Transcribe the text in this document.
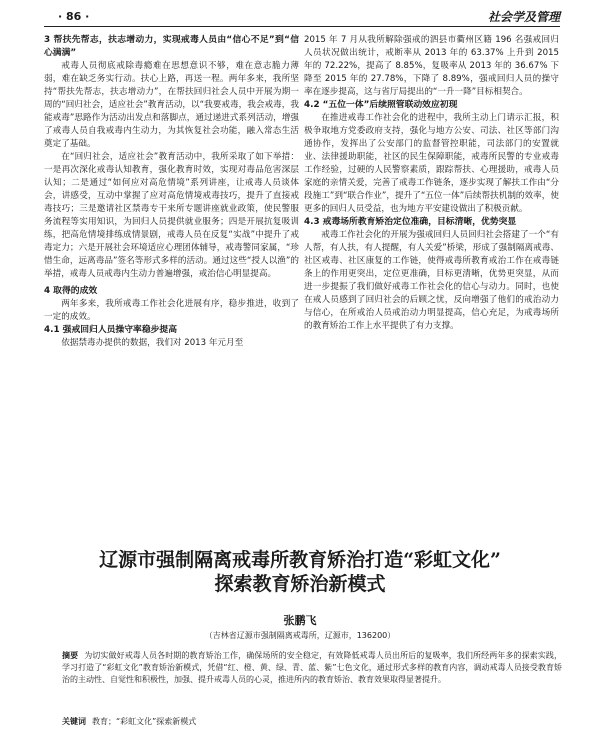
· 86 ·	社会学及管理
3 帮扶先帮志，扶志增动力，实现戒毒人员由“信心不足”到“信心满满”

戒毒人员彻底戒除毒瘾难在思想意识不够，难在意志脆力薄弱，难在缺乏务实行动。扶心上路，再送一程。两年多来，我所坚持“帮扶先帮志，扶志增动力”，在帮扶回归社会人员中开展为期一周的“回归社会，适应社会”教育活动，以“我要戒毒，我会戒毒，我能戒毒”思路作为活动出发点和落脚点，通过递进式系列活动，增强了戒毒人员自我戒毒内生动力，为其恢复社会功能，融入常态生活奠定了基础。

在“回归社会，适应社会”教育活动中，我所采取了如下举措：一是再次深化戒毒认知教育，强化教育时效，实现对毒品危害深层认知；二是通过“如何应对高危情境”系列讲座，让戒毒人员谈体会，讲感受，互动中掌握了应对高危情境戒毒技巧，提升了直接戒毒技巧；三是邀请社区禁毒专干来所专题讲座就业政策，使民警服务流程等实用知识，为回归人员提供就业服务；四是开展抗复吸训练，把高危情境排练成情景剧，戒毒人员在反复“实战”中提升了戒毒定力；六是开展社会环境适应心理团体辅导，戒毒警同家属，“珍惜生命，远离毒品”签名等形式多样的活动。通过这些“授人以渔”的举措，戒毒人员戒毒内生动力普遍增强，戒治信心明显提高。

4 取得的成效

两年多来，我所戒毒工作社会化进展有序，稳步推进，收到了一定的成效。

4.1 强戒回归人员操守率稳步提高

依据禁毒办提供的数据，我们对 2013 年元月至

2015 年 7 月从我所解除强戒的泗县市衢州区籍 196 名强戒回归人员状况做出统计，戒断率从 2013 年的 63.37% 上升到 2015 年的 72.22%，提高了 8.85%，复吸率从 2013 年的 36.67% 下降至 2015 年的 27.78%，下降了 8.89%，强戒回归人员的操守率在逐步提高，这与省厅局提出的“一升一降”目标相契合。

4.2 “五位一体”后续照管联动效应初现

在推进戒毒工作社会化的进程中，我所主动上门请示汇报，积极争取地方党委政府支持，强化与地方公安、司法、社区等部门沟通协作，发挥出了公安部门的监督管控职能，司法部门的安置就业、法律援助职能，社区的民生保障职能，戒毒所民警的专业戒毒工作经验，过硬的人民警察素质，跟踪帮扶、心理援助，戒毒人员家庭的亲情关爱，完善了戒毒工作链条，逐步实现了解扶工作由“分段施工”到“联合作业”，提升了“五位一体”后续帮扶机制的效率，使更多的回归人员受益，也为地方平安建设做出了积极贡献。

4.3 戒毒场所教育矫治定位准确，目标清晰，优势突显

戒毒工作社会化的开展为强戒回归人员回归社会搭建了一个“有人帮，有人扶，有人提醒，有人关爱”桥梁，形成了强制隔离戒毒、社区戒毒、社区康复的工作链，使得戒毒所教育戒治工作在戒毒链条上的作用更突出，定位更准确，目标更清晰，优势更突显，从而进一步提振了我们做好戒毒工作社会化的信心与动力。同时，也使在戒人员感到了回归社会的后顾之忧，反向增强了他们的戒治动力与信心，在所戒治人员戒治动力明显提高，信心充足，为戒毒场所的教育矫治工作上水平提供了有力支撑。

辽源市强制隔离戒毒所教育矫治打造“彩虹文化”
探索教育矫治新模式
张鹏飞
（吉林省辽源市强制隔离戒毒所，辽源市，136200）
摘要 为切实做好戒毒人员各时期的教育矫治工作，确保场所的安全稳定，有效降低戒毒人员出所后的复吸率，我们所经两年多的探索实践，学习打造了“彩虹文化”教育矫治新模式，凭借“红、橙、黄、绿、青、蓝、紫”七色文化，通过形式多样的教育内容，调动戒毒人员接受教育矫治的主动性、自觉性和积极性，加强、提升戒毒人员的心灵，推进所内的教育矫治、教育效果取得显著提升。
关键词 教育；“彩虹文化”探索新模式
